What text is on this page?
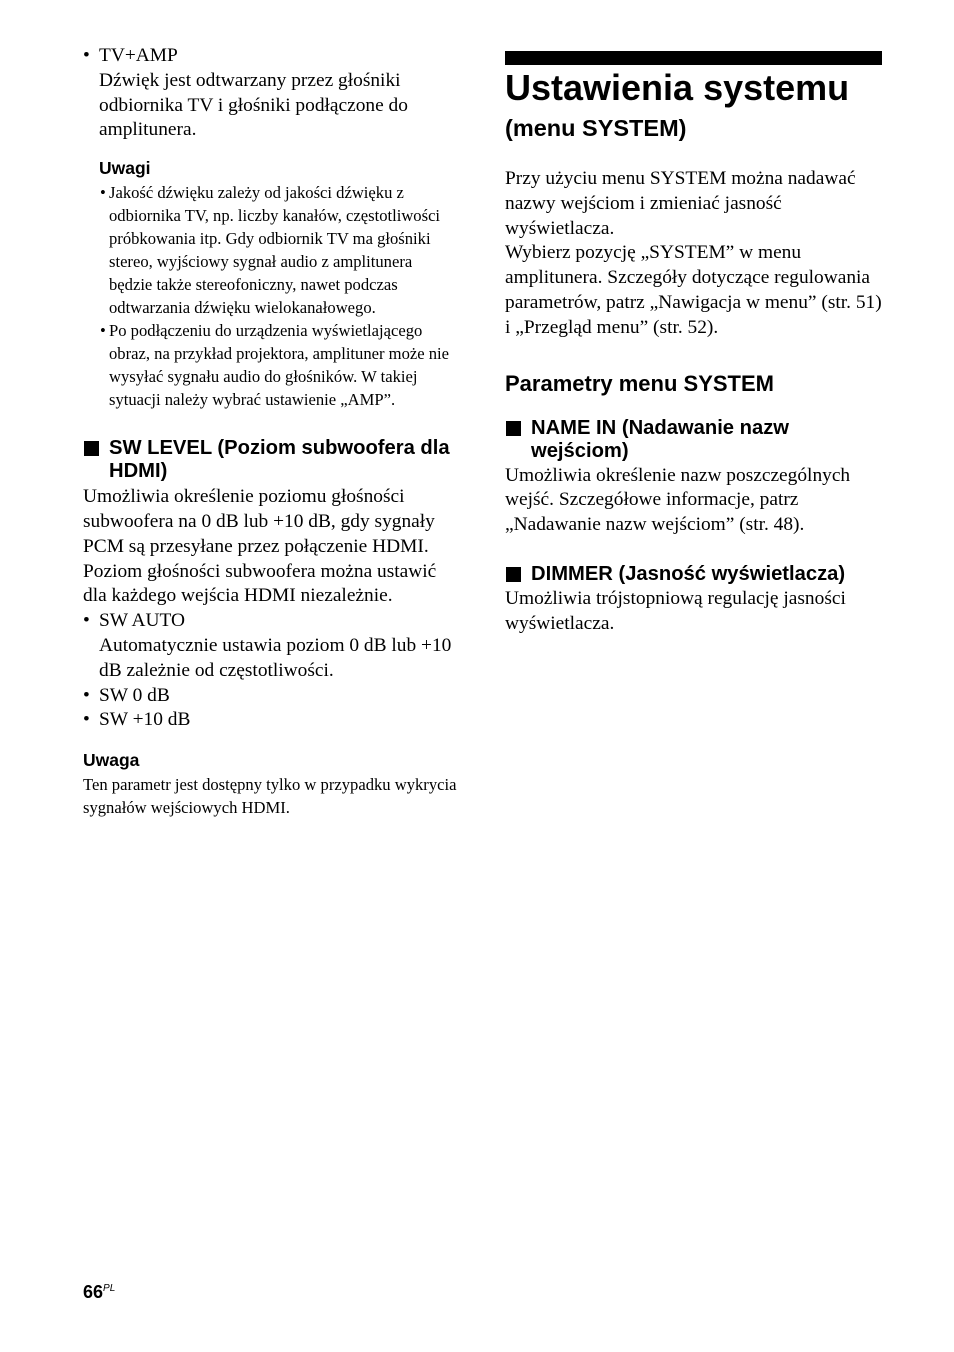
• TV+AMP
Dźwięk jest odtwarzany przez głośniki odbiornika TV i głośniki podłączone do amplitunera.

Uwagi

• Jakość dźwięku zależy od jakości dźwięku z odbiornika TV, np. liczby kanałów, częstotliwości próbkowania itp. Gdy odbiornik TV ma głośniki stereo, wyjściowy sygnał audio z amplitunera będzie także stereofoniczny, nawet podczas odtwarzania dźwięku wielokanałowego.
• Po podłączeniu do urządzenia wyświetlającego obraz, na przykład projektora, amplituner może nie wysyłać sygnału audio do głośników. W takiej sytuacji należy wybrać ustawienie „AMP”.
SW LEVEL (Poziom subwoofera dla HDMI)

Umożliwia określenie poziomu głośności subwoofera na 0 dB lub +10 dB, gdy sygnały PCM są przesyłane przez połączenie HDMI. Poziom głośności subwoofera można ustawić dla każdego wejścia HDMI niezależnie.

• SW AUTO
Automatycznie ustawia poziom 0 dB lub +10 dB zależnie od częstotliwości.
• SW 0 dB
• SW +10 dB

Uwaga

Ten parametr jest dostępny tylko w przypadku wykrycia sygnałów wejściowych HDMI.

Ustawienia systemu

(menu SYSTEM)

Przy użyciu menu SYSTEM można nadawać nazwy wejściom i zmieniać jasność wyświetlacza.

Wybierz pozycję „SYSTEM” w menu amplitunera. Szczegóły dotyczące regulowania parametrów, patrz „Nawigacja w menu” (str. 51) i „Przegląd menu” (str. 52).

Parametry menu SYSTEM

NAME IN (Nadawanie nazw wejściom)

Umożliwia określenie nazw poszczególnych wejść. Szczegółowe informacje, patrz „Nadawanie nazw wejściom” (str. 48).

DIMMER (Jasność wyświetlacza)

Umożliwia trójstopniową regulację jasności wyświetlacza.

$66^{PL}$
